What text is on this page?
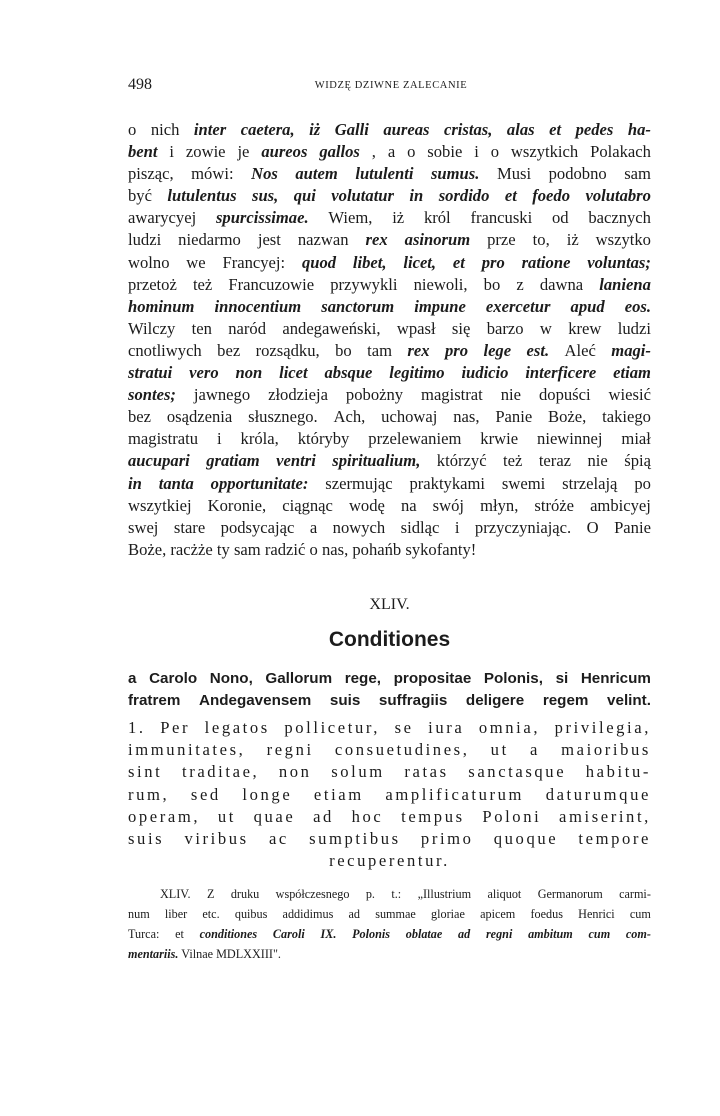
498	WIDZĘ DZIWNE ZALECANIE
o nich inter caetera, iż Galli aureas cristas, alas et pedes ha-
bent i zowie je aureos gallos , a o sobie i o wszytkich Polakach
pisząc, mówi: Nos autem lutulenti sumus. Musi podobno sam
być lutulentus sus, qui volutatur in sordido et foedo volutabro
awarycyej spurcissimae. Wiem, iż król francuski od bacznych
ludzi niedarmo jest nazwan rex asinorum prze to, iż wszytko
wolno we Francyej: quod libet, licet, et pro ratione voluntas;
przetoż też Francuzowie przywykli niewoli, bo z dawna laniena
hominum innocentium sanctorum impune exercetur apud eos.
Wilczy ten naród andegaweński, wpasł się barzo w krew ludzi
cnotliwych bez rozsądku, bo tam rex pro lege est. Aleć magi-
stratui vero non licet absque legitimo iudicio interficere etiam
sontes; jawnego złodzieja pobożny magistrat nie dopuści wiesić
bez osądzenia słusznego. Ach, uchowaj nas, Panie Boże, takiego
magistratu i króla, któryby przelewaniem krwie niewinnej miał
aucupari gratiam ventri spiritualium, którzyć też teraz nie śpią
in tanta opportunitate: szermując praktykami swemi strzelają po
wszytkiej Koronie, ciągnąc wodę na swój młyn, stróże ambicyej
swej stare podsycając a nowych sidląc i przyczyniając. O Panie
Boże, racżże ty sam radzić o nas, pohańb sykofanty!
XLIV.
Conditiones
a Carolo Nono, Gallorum rege, propositae Polonis, si Henricum
fratrem Andegavensem suis suffragiis deligere regem velint.
1. Per legatos pollicetur, se iura omnia, privilegia,
immunitates, regni consuetudines, ut a maioribus
sint traditae, non solum ratas sanctasque habitu-
rum, sed longe etiam amplificaturum daturumque
operam, ut quae ad hoc tempus Poloni amiserint,
suis viribus ac sumptibus primo quoque tempore
recuperentur.
XLIV. Z druku współczesnego p. t.: „Illustrium aliquot Germanorum carmi-
num liber etc. quibus addidimus ad summae gloriae apicem foedus Henrici cum
Turca: et conditiones Caroli IX. Polonis oblatae ad regni ambitum cum com-
mentariis. Vilnae MDLXXIII".
